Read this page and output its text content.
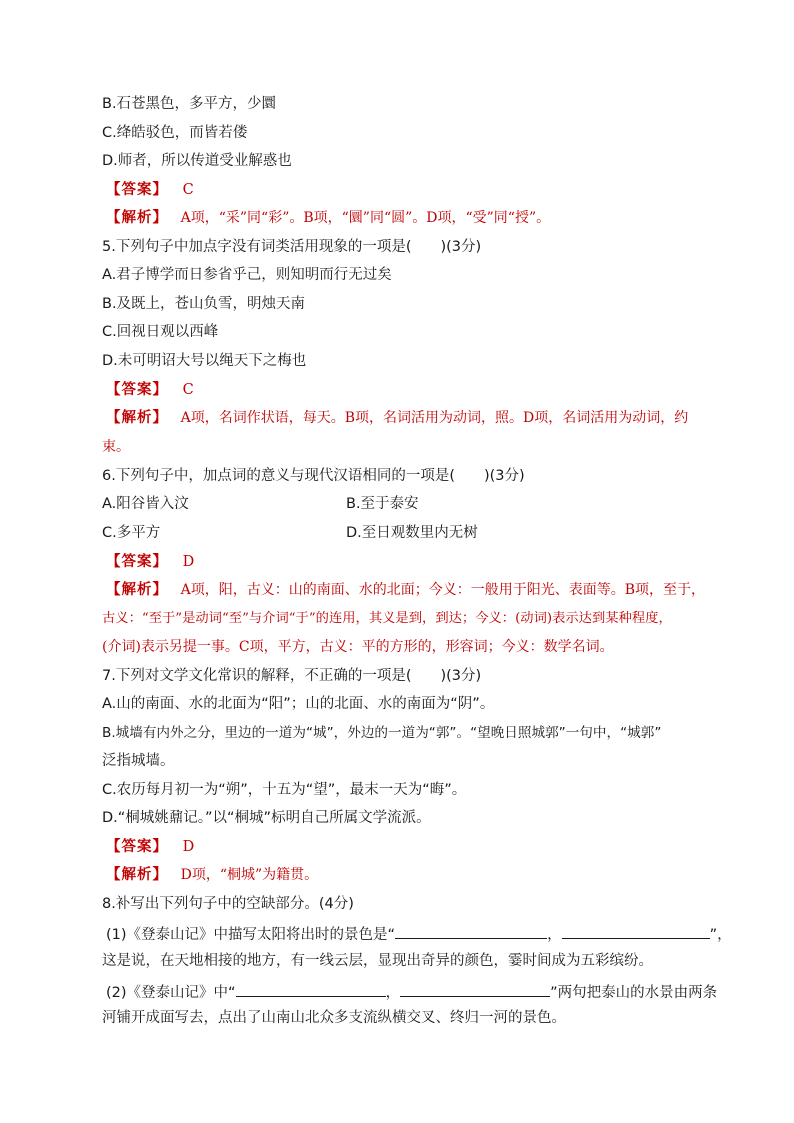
B.石苍黑色，多平方，少圜
C.绛皓驳色，而皆若偻
D.师者，所以传道受业解惑也
【答案】 C
【解析】 A项，“采”同“彩”。B项，“圜”同“圆”。D项，“受”同“授”。
5.下列句子中加点字没有词类活用现象的一项是(　　)(3分)
A.君子博学而日参省乎己，则知明而行无过矣
B.及既上，苍山负雪，明烛天南
C.回视日观以西峰
D.未可明诏大号以绳天下之梅也
【答案】 C
【解析】 A项，名词作状语，每天。B项，名词活用为动词，照。D项，名词活用为动词，约
束。
6.下列句子中，加点词的意义与现代汉语相同的一项是(　　)(3分)
A.阳谷皆入汶	B.至于泰安
C.多平方	D.至日观数里内无树
【答案】 D
【解析】 A项，阳，古义：山的南面、水的北面；今义：一般用于阳光、表面等。B项，至于，
古义：“至于”是动词“至”与介词“于”的连用，其义是到，到达；今义：(动词)表示达到某种程度，
(介词)表示另提一事。C项，平方，古义：平的方形的，形容词；今义：数学名词。
7.下列对文学文化常识的解释，不正确的一项是(　　)(3分)
A.山的南面、水的北面为“阳”；山的北面、水的南面为“阴”。
B.城墙有内外之分，里边的一道为“城”，外边的一道为“郭”。“望晚日照城郭”一句中，“城郭”
泛指城墙。
C.农历每月初一为“朔”，十五为“望”，最末一天为“晦”。
D.“桐城姚鼐记。”以“桐城”标明自己所属文学流派。
【答案】 D
【解析】 D项，“桐城”为籍贯。
8.补写出下列句子中的空缺部分。(4分)
(1)《登泰山记》中描写太阳将出时的景色是“	，	”，
这是说，在天地相接的地方，有一线云层，显现出奇异的颜色，霎时间成为五彩缤纷。
(2)《登泰山记》中“	，	”两句把泰山的水景由两条
河铺开成面写去，点出了山南山北众多支流纵横交叉、终归一河的景色。
